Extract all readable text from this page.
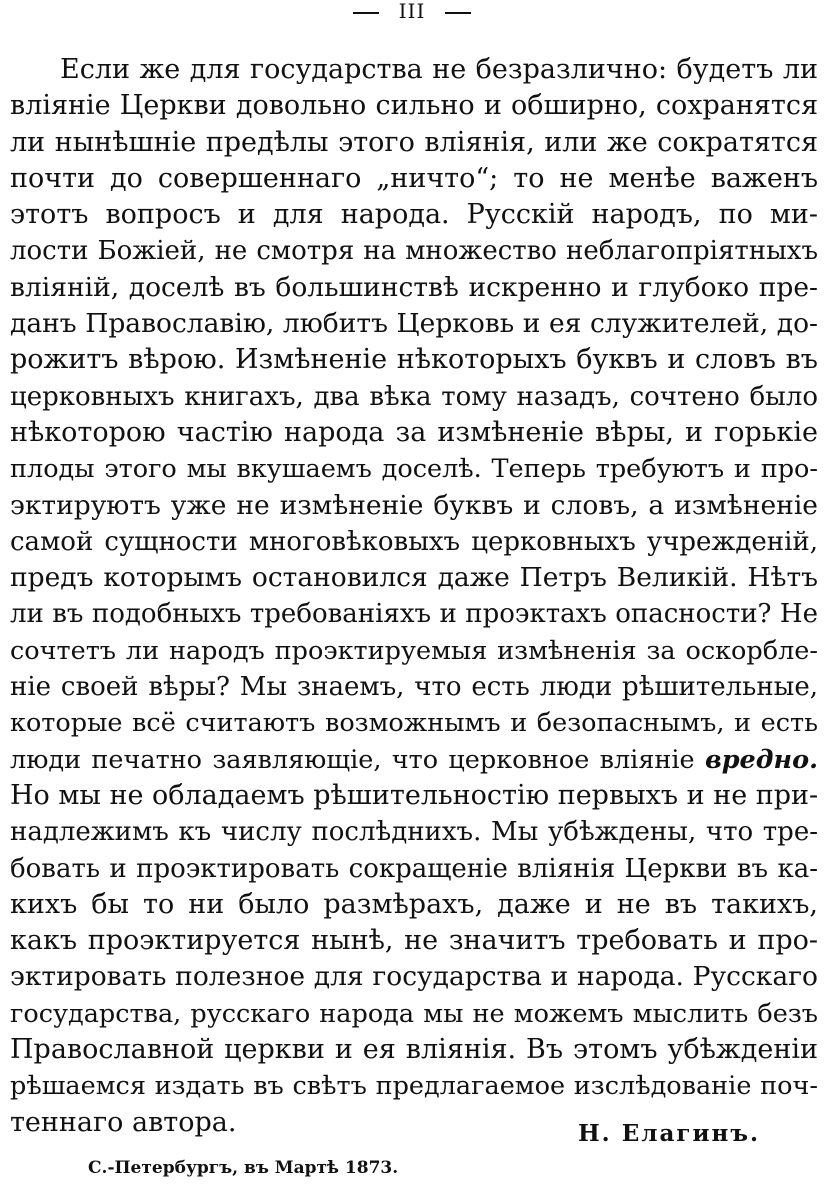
III
Если же для государства не безразлично: будетъ ли
влiянiе Церкви довольно сильно и обширно, сохранятся
ли нынѣшнiе предѣлы этого влiянiя, или же сократятся
почти до совершеннаго „ничто“; то не менѣе важенъ
этотъ вопросъ и для народа. Русскiй народъ, по ми-
лости Божiей, не смотря на множество неблагопрiятныхъ
влiянiй, доселѣ въ большинствѣ искренно и глубоко пре-
данъ Православiю, любитъ Церковь и ея служителей, до-
рожитъ вѣрою. Измѣненiе нѣкоторыхъ буквъ и словъ въ
церковныхъ книгахъ, два вѣка тому назадъ, сочтено было
нѣкоторою частiю народа за измѣненiе вѣры, и горькiе
плоды этого мы вкушаемъ доселѣ. Теперь требуютъ и про-
эктируютъ уже не измѣненiе буквъ и словъ, а измѣненiе
самой сущности многовѣковыхъ церковныхъ учрежденiй,
предъ которымъ остановился даже Петръ Великiй. Нѣтъ
ли въ подобныхъ требованiяхъ и проэктахъ опасности? Не
сочтетъ ли народъ проэктируемыя измѣненiя за оскорбле-
нiе своей вѣры? Мы знаемъ, что есть люди рѣшительные,
которые всё считаютъ возможнымъ и безопаснымъ, и есть
люди печатно заявляющiе, что церковное влiянiе вредно.
Но мы не обладаемъ рѣшительностiю первыхъ и не при-
надлежимъ къ числу послѣднихъ. Мы убѣждены, что тре-
бовать и проэктировать сокращенiе влiянiя Церкви въ ка-
кихъ бы то ни было размѣрахъ, даже и не въ такихъ,
какъ проэктируется нынѣ, не значитъ требовать и про-
эктировать полезное для государства и народа. Русскаго
государства, русскаго народа мы не можемъ мыслить безъ
Православной церкви и ея влiянiя. Въ этомъ убѣжденiи
рѣшаемся издать въ свѣтъ предлагаемое изслѣдованiе поч-
теннаго автора.	Н. Елагинъ.
С.-Петербургъ, въ Мартѣ 1873.
